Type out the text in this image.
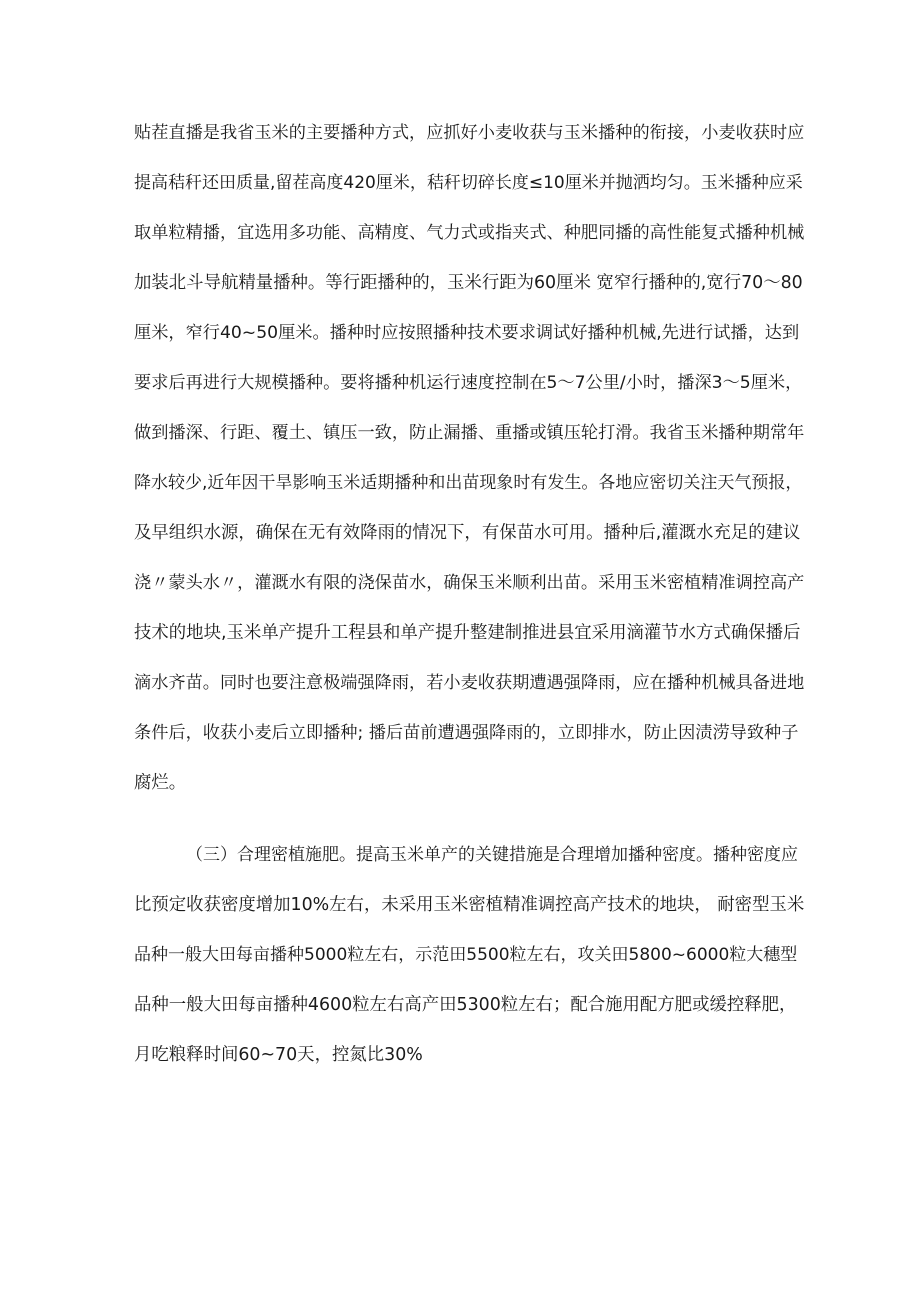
贴茬直播是我省玉米的主要播种方式，应抓好小麦收获与玉米播种的衔接，小麦收获时应
提高秸秆还田质量,留茬高度420厘米，秸秆切碎长度≤10厘米并抛洒均匀。玉米播种应采
取单粒精播，宜选用多功能、高精度、气力式或指夹式、种肥同播的高性能复式播种机械
加装北斗导航精量播种。等行距播种的，玉米行距为60厘米 宽窄行播种的,宽行70～80
厘米，窄行40~50厘米。播种时应按照播种技术要求调试好播种机械,先进行试播，达到
要求后再进行大规模播种。要将播种机运行速度控制在5～7公里/小时，播深3～5厘米，
做到播深、行距、覆土、镇压一致，防止漏播、重播或镇压轮打滑。我省玉米播种期常年
降水较少,近年因干旱影响玉米适期播种和出苗现象时有发生。各地应密切关注天气预报，
及早组织水源，确保在无有效降雨的情况下，有保苗水可用。播种后,灌溉水充足的建议
浇〃蒙头水〃，灌溉水有限的浇保苗水，确保玉米顺利出苗。采用玉米密植精准调控高产
技术的地块,玉米单产提升工程县和单产提升整建制推进县宜采用滴灌节水方式确保播后
滴水齐苗。同时也要注意极端强降雨，若小麦收获期遭遇强降雨，应在播种机械具备进地
条件后，收获小麦后立即播种; 播后苗前遭遇强降雨的，立即排水，防止因渍涝导致种子
腐烂。
（三）合理密植施肥。提高玉米单产的关键措施是合理增加播种密度。播种密度应
比预定收获密度增加10%左右，未采用玉米密植精准调控高产技术的地块， 耐密型玉米
品种一般大田每亩播种5000粒左右，示范田5500粒左右，攻关田5800~6000粒大穗型
品种一般大田每亩播种4600粒左右高产田5300粒左右；配合施用配方肥或缓控释肥，
月吃粮释时间60~70天，控氮比30%
